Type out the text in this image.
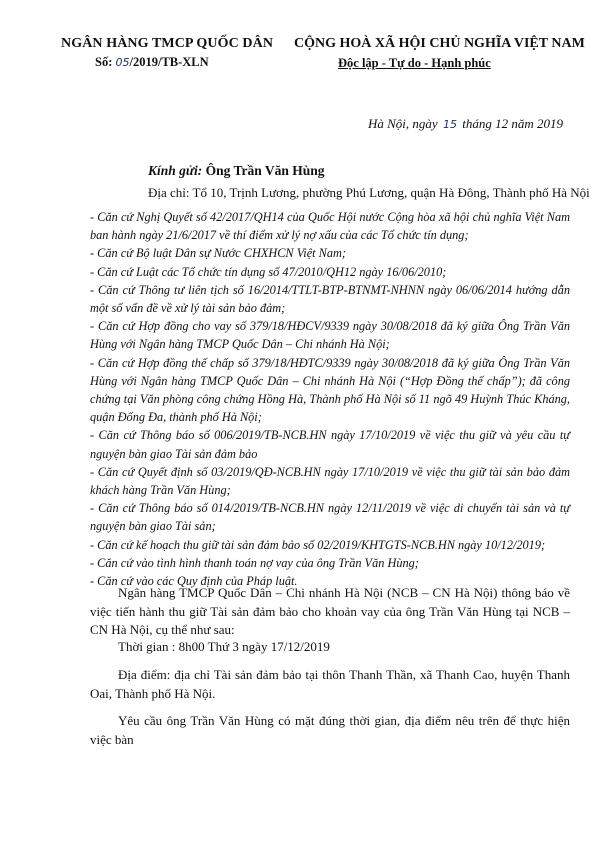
NGÂN HÀNG TMCP QUỐC DÂN
Số: 05/2019/TB-XLN
CỘNG HOÀ XÃ HỘI CHỦ NGHĨA VIỆT NAM
Độc lập - Tự do - Hạnh phúc
Hà Nội, ngày 15 tháng 12 năm 2019
Kính gửi: Ông Trần Văn Hùng
Địa chỉ: Tổ 10, Trịnh Lương, phường Phú Lương, quận Hà Đông, Thành phố Hà Nội

- Căn cứ Nghị Quyết số 42/2017/QH14 của Quốc Hội nước Cộng hòa xã hội chủ nghĩa Việt Nam ban hành ngày 21/6/2017 về thí điểm xử lý nợ xấu của các Tổ chức tín dụng;

- Căn cứ Bộ luật Dân sự Nước CHXHCN Việt Nam;

- Căn cứ Luật các Tổ chức tín dụng số 47/2010/QH12 ngày 16/06/2010;

- Căn cứ Thông tư liên tịch số 16/2014/TTLT-BTP-BTNMT-NHNN ngày 06/06/2014 hướng dẫn một số vấn đề về xử lý tài sản bảo đảm;

- Căn cứ Hợp đồng cho vay số 379/18/HĐCV/9339 ngày 30/08/2018 đã ký giữa Ông Trần Văn Hùng với Ngân hàng TMCP Quốc Dân – Chi nhánh Hà Nội;

- Căn cứ Hợp đồng thế chấp số 379/18/HĐTC/9339 ngày 30/08/2018 đã ký giữa Ông Trần Văn Hùng với Ngân hàng TMCP Quốc Dân – Chi nhánh Hà Nội (“Hợp Đồng thế chấp”); đã công chứng tại Văn phòng công chứng Hồng Hà, Thành phố Hà Nội số 11 ngõ 49 Huỳnh Thúc Kháng, quận Đống Đa, thành phố Hà Nội;

- Căn cứ Thông báo số 006/2019/TB-NCB.HN ngày 17/10/2019 về việc thu giữ và yêu cầu tự nguyện bàn giao Tài sản đảm bảo

- Căn cứ Quyết định số 03/2019/QĐ-NCB.HN ngày 17/10/2019 về việc thu giữ tài sản bảo đảm khách hàng Trần Văn Hùng;

- Căn cứ Thông báo số 014/2019/TB-NCB.HN ngày 12/11/2019 về việc di chuyển tài sản và tự nguyện bàn giao Tài sản;

- Căn cứ kế hoạch thu giữ tài sản đảm bảo số 02/2019/KHTGTS-NCB.HN ngày 10/12/2019;

- Căn cứ vào tình hình thanh toán nợ vay của ông Trần Văn Hùng;

- Căn cứ vào các Quy định của Pháp luật.

Ngân hàng TMCP Quốc Dân – Chi nhánh Hà Nội (NCB – CN Hà Nội) thông báo về việc tiến hành thu giữ Tài sản đảm bảo cho khoản vay của ông Trần Văn Hùng tại NCB – CN Hà Nội, cụ thể như sau:

Thời gian : 8h00 Thứ 3 ngày 17/12/2019

Địa điểm: địa chỉ Tài sản đảm bảo tại thôn Thanh Thần, xã Thanh Cao, huyện Thanh Oai, Thành phố Hà Nội.

Yêu cầu ông Trần Văn Hùng có mặt đúng thời gian, địa điểm nêu trên để thực hiện việc bàn
